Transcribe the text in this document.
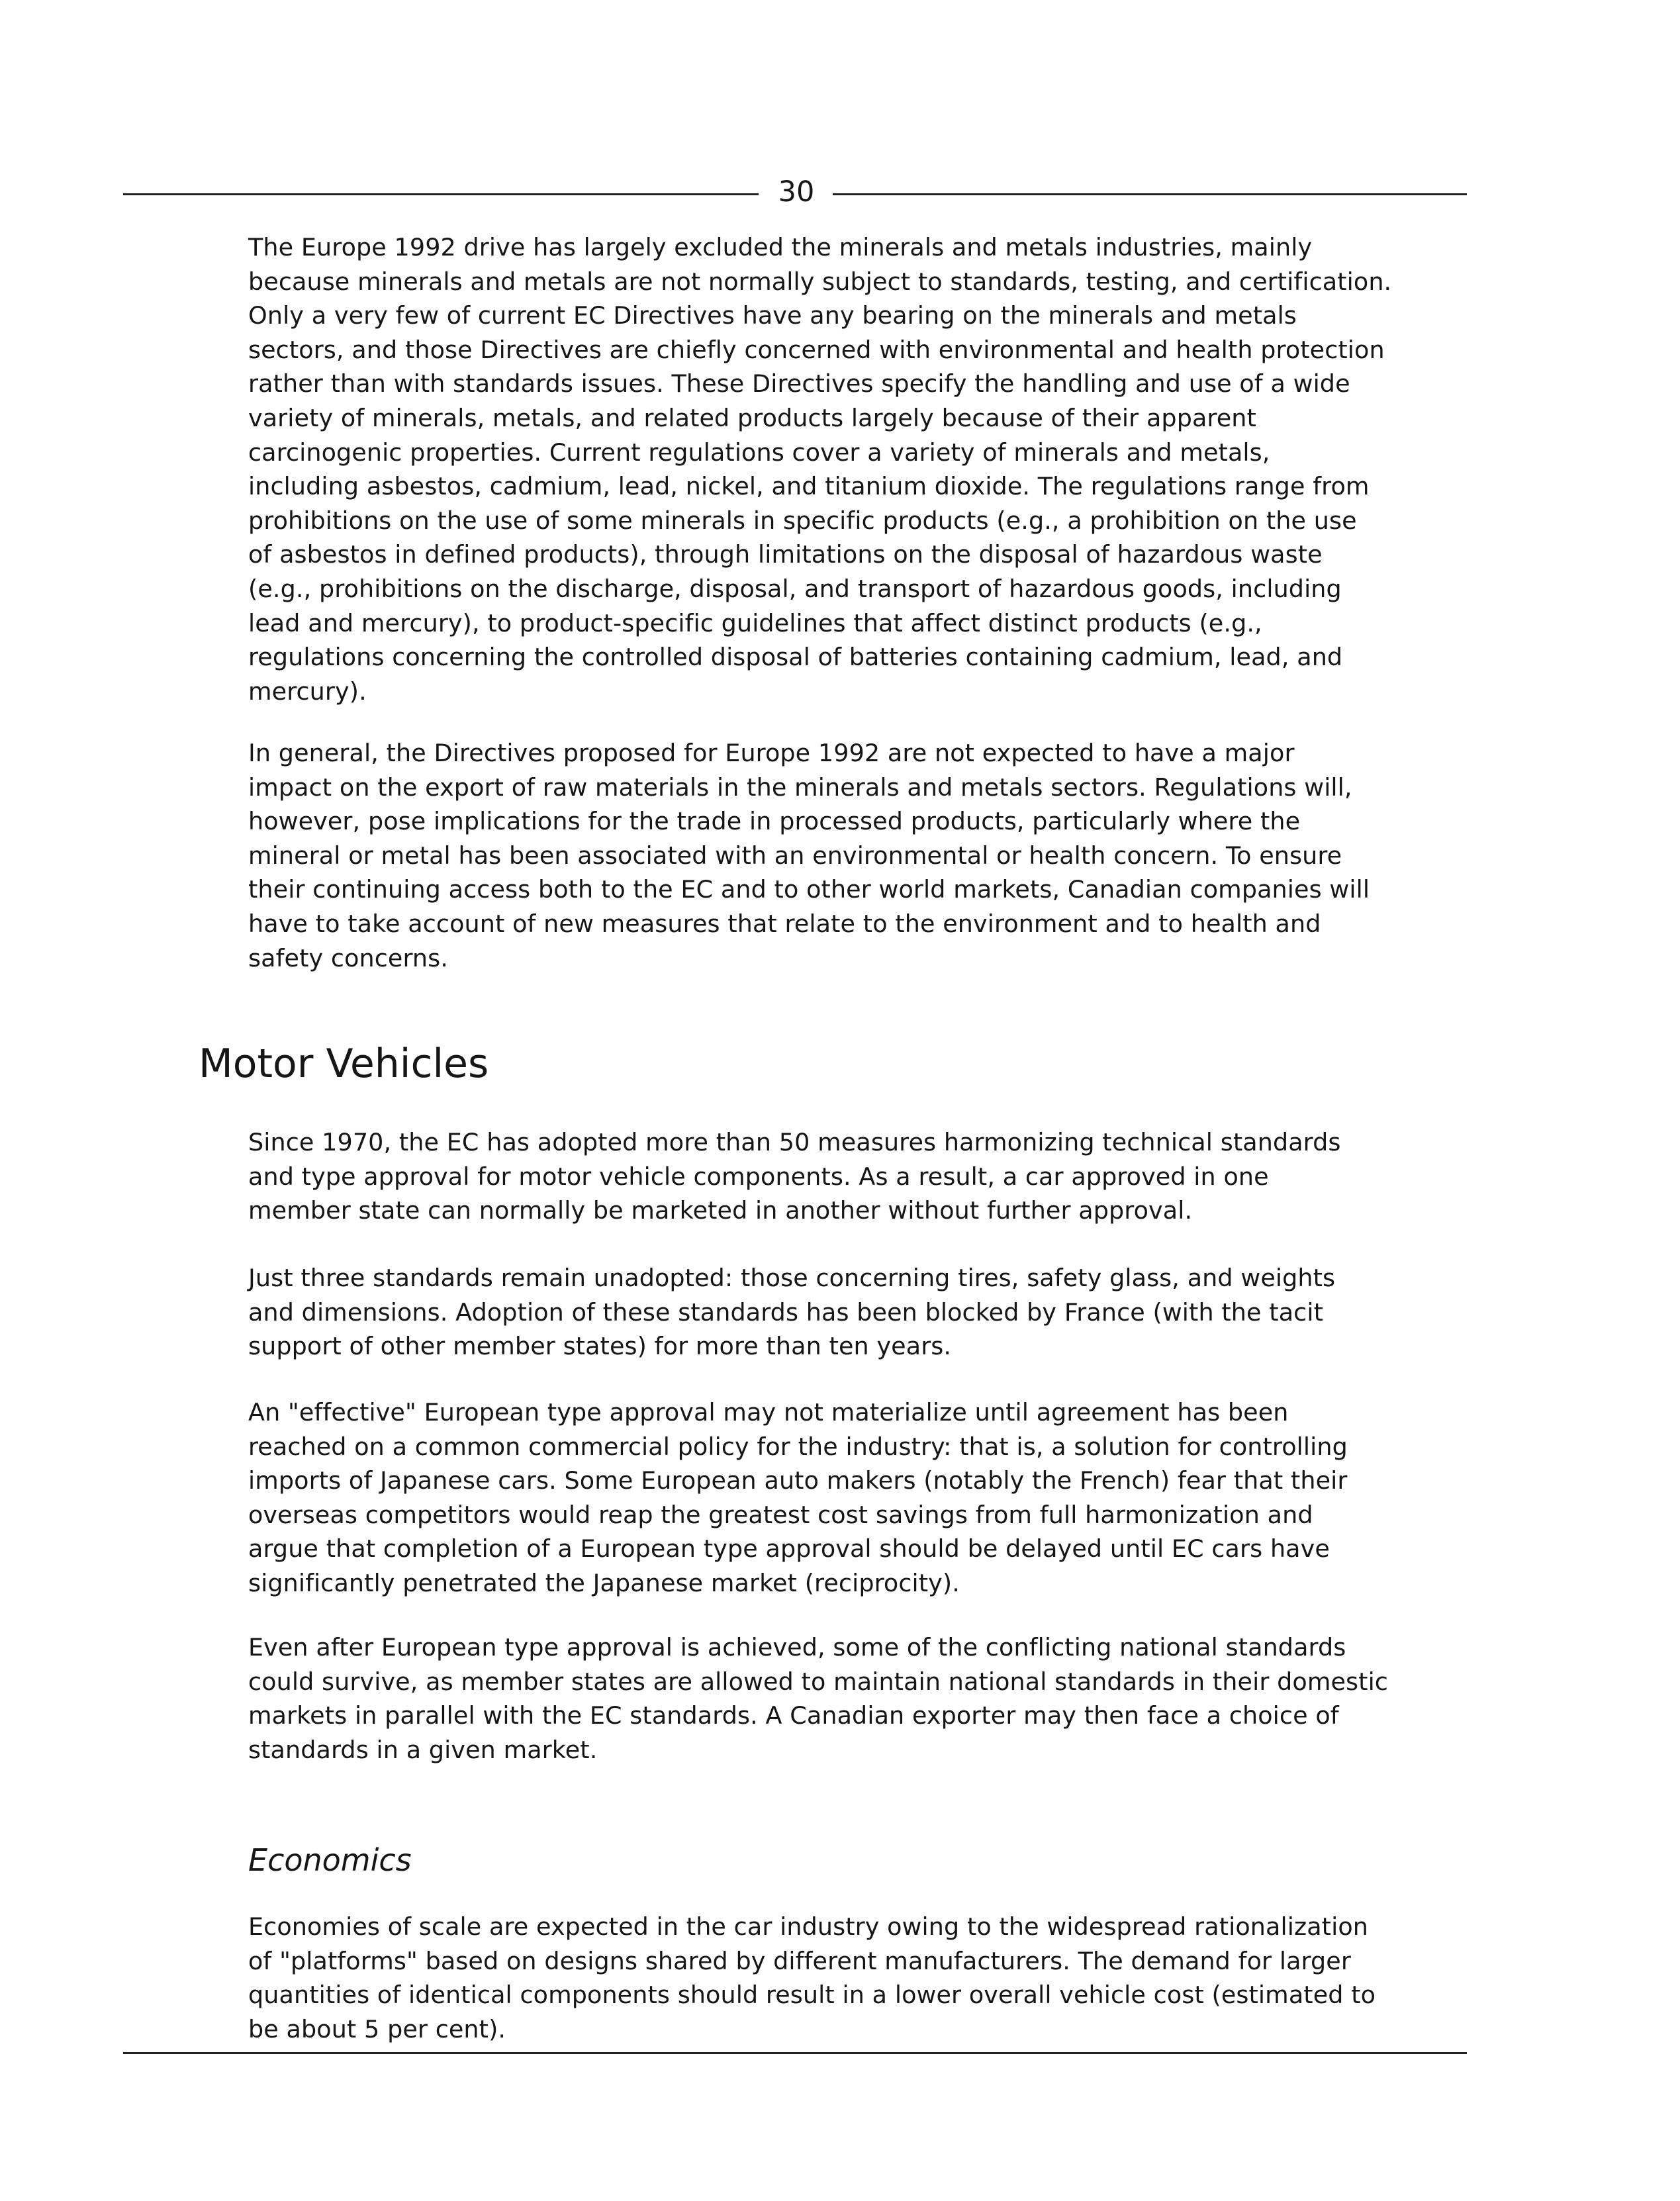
30

The Europe 1992 drive has largely excluded the minerals and metals industries, mainly
because minerals and metals are not normally subject to standards, testing, and certification.
Only a very few of current EC Directives have any bearing on the minerals and metals
sectors, and those Directives are chiefly concerned with environmental and health protection
rather than with standards issues. These Directives specify the handling and use of a wide
variety of minerals, metals, and related products largely because of their apparent
carcinogenic properties. Current regulations cover a variety of minerals and metals,
including asbestos, cadmium, lead, nickel, and titanium dioxide. The regulations range from
prohibitions on the use of some minerals in specific products (e.g., a prohibition on the use
of asbestos in defined products), through limitations on the disposal of hazardous waste
(e.g., prohibitions on the discharge, disposal, and transport of hazardous goods, including
lead and mercury), to product-specific guidelines that affect distinct products (e.g.,
regulations concerning the controlled disposal of batteries containing cadmium, lead, and
mercury).

In general, the Directives proposed for Europe 1992 are not expected to have a major
impact on the export of raw materials in the minerals and metals sectors. Regulations will,
however, pose implications for the trade in processed products, particularly where the
mineral or metal has been associated with an environmental or health concern. To ensure
their continuing access both to the EC and to other world markets, Canadian companies will
have to take account of new measures that relate to the environment and to health and
safety concerns.

Motor Vehicles

Since 1970, the EC has adopted more than 50 measures harmonizing technical standards
and type approval for motor vehicle components. As a result, a car approved in one
member state can normally be marketed in another without further approval.

Just three standards remain unadopted: those concerning tires, safety glass, and weights
and dimensions. Adoption of these standards has been blocked by France (with the tacit
support of other member states) for more than ten years.

An "effective" European type approval may not materialize until agreement has been
reached on a common commercial policy for the industry: that is, a solution for controlling
imports of Japanese cars. Some European auto makers (notably the French) fear that their
overseas competitors would reap the greatest cost savings from full harmonization and
argue that completion of a European type approval should be delayed until EC cars have
significantly penetrated the Japanese market (reciprocity).

Even after European type approval is achieved, some of the conflicting national standards
could survive, as member states are allowed to maintain national standards in their domestic
markets in parallel with the EC standards. A Canadian exporter may then face a choice of
standards in a given market.

Economics

Economies of scale are expected in the car industry owing to the widespread rationalization
of "platforms" based on designs shared by different manufacturers. The demand for larger
quantities of identical components should result in a lower overall vehicle cost (estimated to
be about 5 per cent).
